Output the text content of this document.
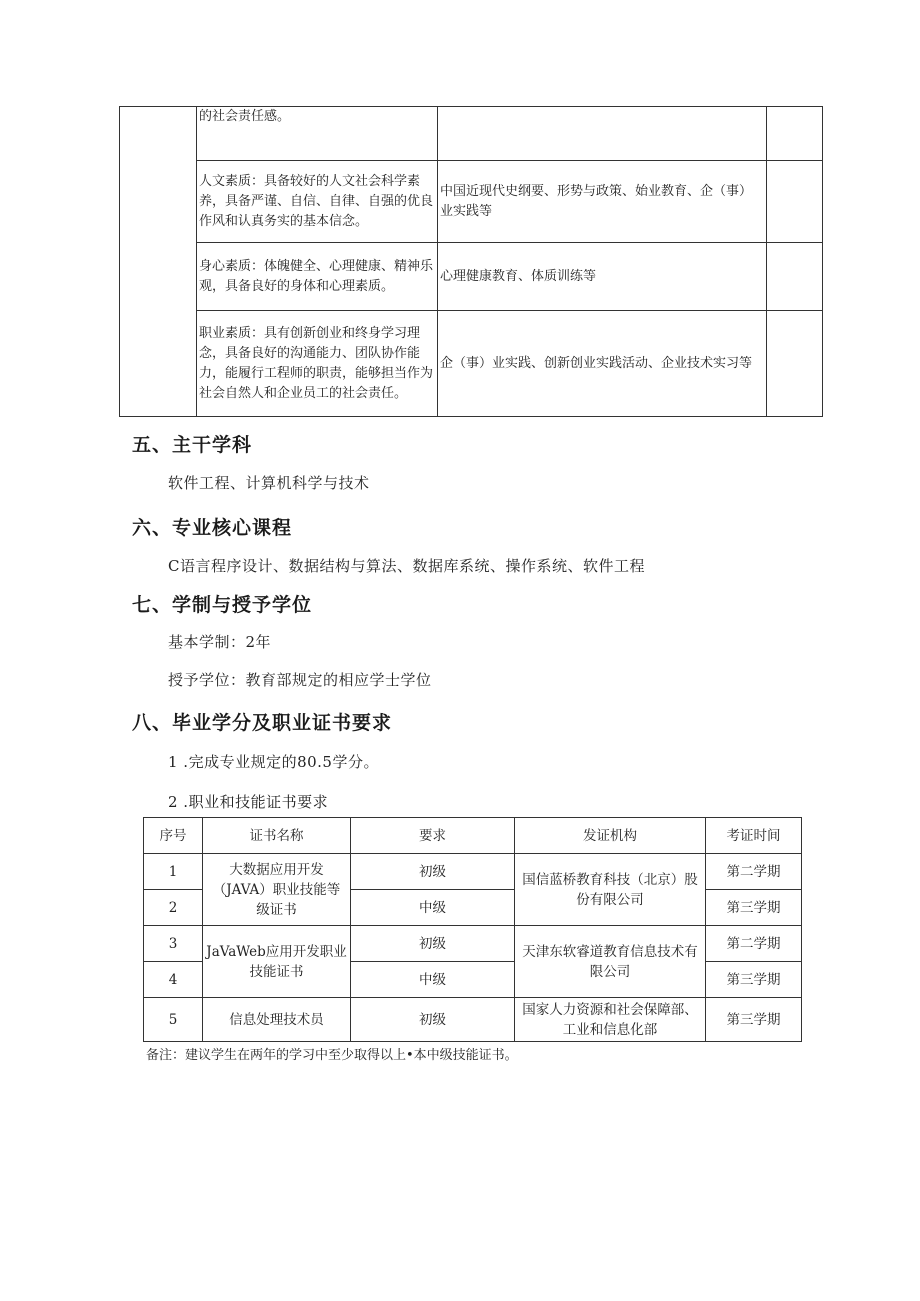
	的社会责任感。		
	人文素质：具备较好的人文社会科学素养，具备严谨、自信、自律、自强的优良作风和认真务实的基本信念。	中国近现代史纲要、形势与政策、始业教育、企（事）业实践等	
	身心素质：体魄健全、心理健康、精神乐观，具备良好的身体和心理素质。	心理健康教育、体质训练等	
	职业素质：具有创新创业和终身学习理念，具备良好的沟通能力、团队协作能力，能履行工程师的职责，能够担当作为社会自然人和企业员工的社会责任。	企（事）业实践、创新创业实践活动、企业技术实习等	
五、主干学科
软件工程、计算机科学与技术
六、专业核心课程
C语言程序设计、数据结构与算法、数据库系统、操作系统、软件工程
七、学制与授予学位
基本学制：2年
授予学位：教育部规定的相应学士学位
八、毕业学分及职业证书要求
1 .完成专业规定的80.5学分。
2 .职业和技能证书要求
序号	证书名称	要求	发证机构	考证时间
1	大数据应用开发（JAVA）职业技能等级证书	初级	国信蓝桥教育科技（北京）股份有限公司	第二学期
2		中级		第三学期
3	JaVaWeb应用开发职业技能证书	初级	天津东软睿道教育信息技术有限公司	第二学期
4		中级		第三学期
5	信息处理技术员	初级	国家人力资源和社会保障部、工业和信息化部	第三学期
备注：建议学生在两年的学习中至少取得以上•本中级技能证书。
